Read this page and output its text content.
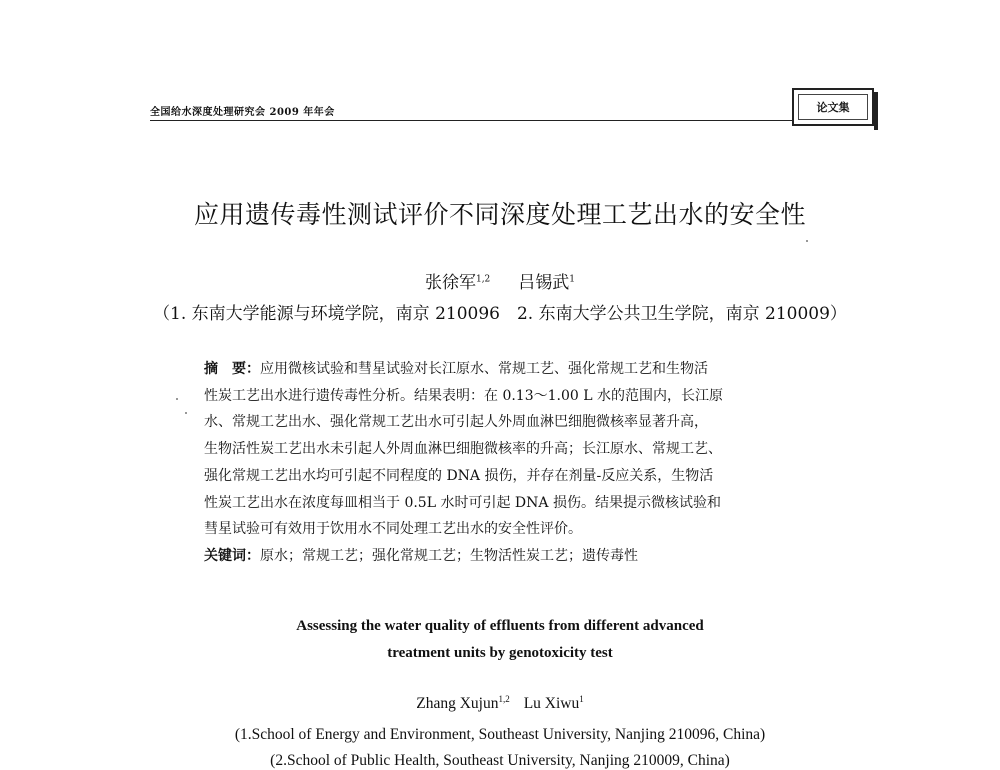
全国给水深度处理研究会 2009 年年会	论文集
应用遗传毒性测试评价不同深度处理工艺出水的安全性
张徐军$^{1,2}$ 吕锡武$^1$
（1. 东南大学能源与环境学院，南京 210096　2. 东南大学公共卫生学院，南京 210009）
摘　要：应用微核试验和彗星试验对长江原水、常规工艺、强化常规工艺和生物活
性炭工艺出水进行遗传毒性分析。结果表明：在 0.13～1.00 L 水的范围内，长江原
水、常规工艺出水、强化常规工艺出水可引起人外周血淋巴细胞微核率显著升高，
生物活性炭工艺出水未引起人外周血淋巴细胞微核率的升高；长江原水、常规工艺、
强化常规工艺出水均可引起不同程度的 DNA 损伤，并存在剂量-反应关系，生物活
性炭工艺出水在浓度每皿相当于 0.5L 水时可引起 DNA 损伤。结果提示微核试验和
彗星试验可有效用于饮用水不同处理工艺出水的安全性评价。
关键词：原水；常规工艺；强化常规工艺；生物活性炭工艺；遗传毒性
Assessing the water quality of effluents from different advanced
treatment units by genotoxicity test
Zhang Xujun$^{1,2}$ Lu Xiwu$^1$
(1.School of Energy and Environment, Southeast University, Nanjing 210096, China)
(2.School of Public Health, Southeast University, Nanjing 210009, China)
